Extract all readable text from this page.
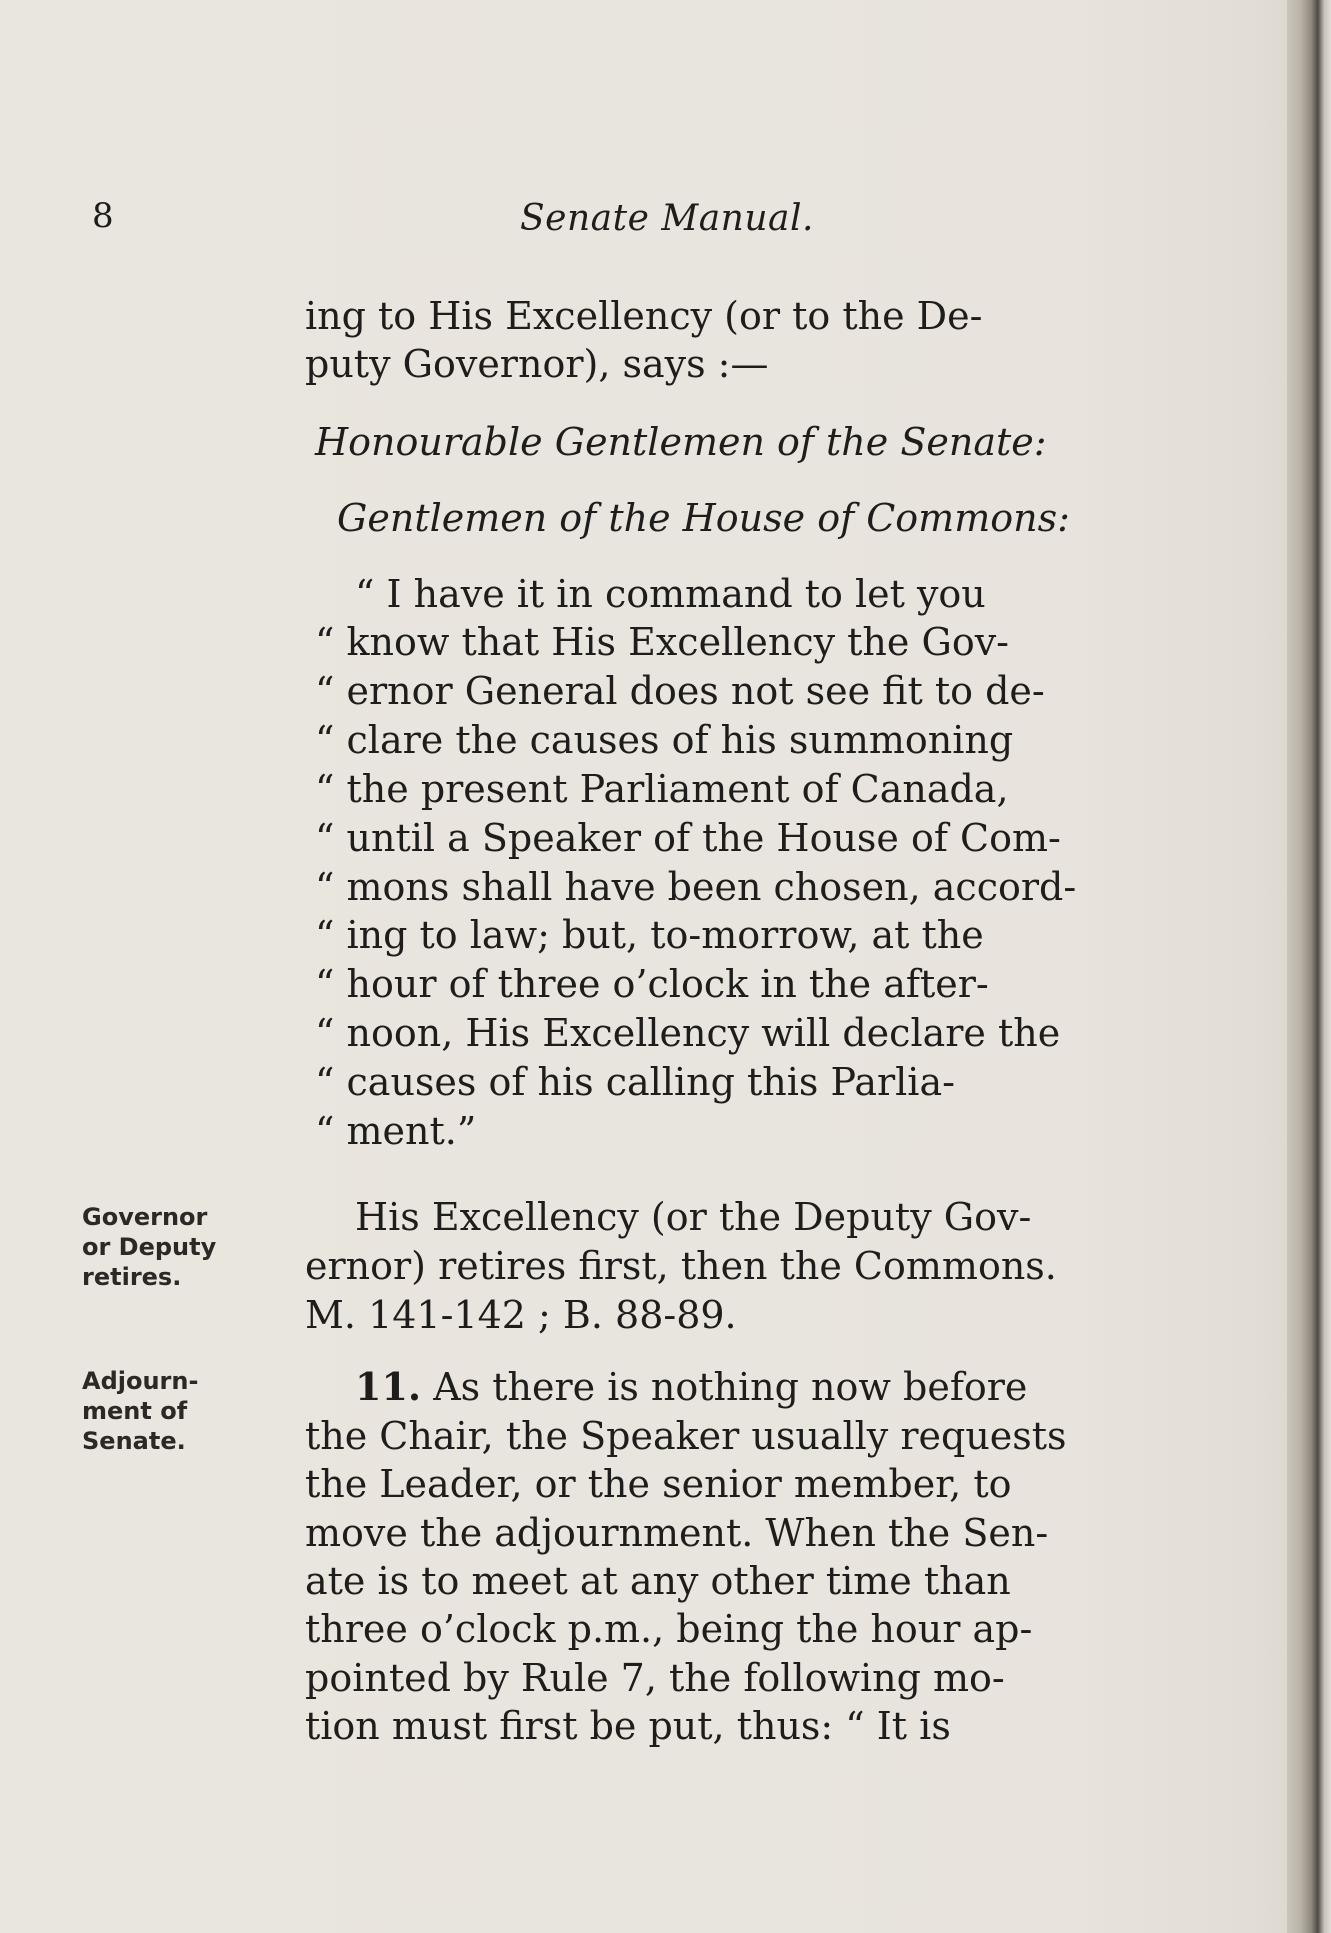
8	Senate Manual.
ing to His Excellency (or to the De-
puty Governor), says :—
Honourable Gentlemen of the Senate:
Gentlemen of the House of Commons:
“ I have it in command to let you
“ know that His Excellency the Gov-
“ ernor General does not see fit to de-
“ clare the causes of his summoning
“ the present Parliament of Canada,
“ until a Speaker of the House of Com-
“ mons shall have been chosen, accord-
“ ing to law; but, to-morrow, at the
“ hour of three o’clock in the after-
“ noon, His Excellency will declare the
“ causes of his calling this Parlia-
“ ment.”
Governor
or Deputy
retires.
His Excellency (or the Deputy Gov-
ernor) retires first, then the Commons.
M. 141-142 ; B. 88-89.
Adjourn-
ment of
Senate.
11. As there is nothing now before
the Chair, the Speaker usually requests
the Leader, or the senior member, to
move the adjournment. When the Sen-
ate is to meet at any other time than
three o’clock p.m., being the hour ap-
pointed by Rule 7, the following mo-
tion must first be put, thus: “ It is
